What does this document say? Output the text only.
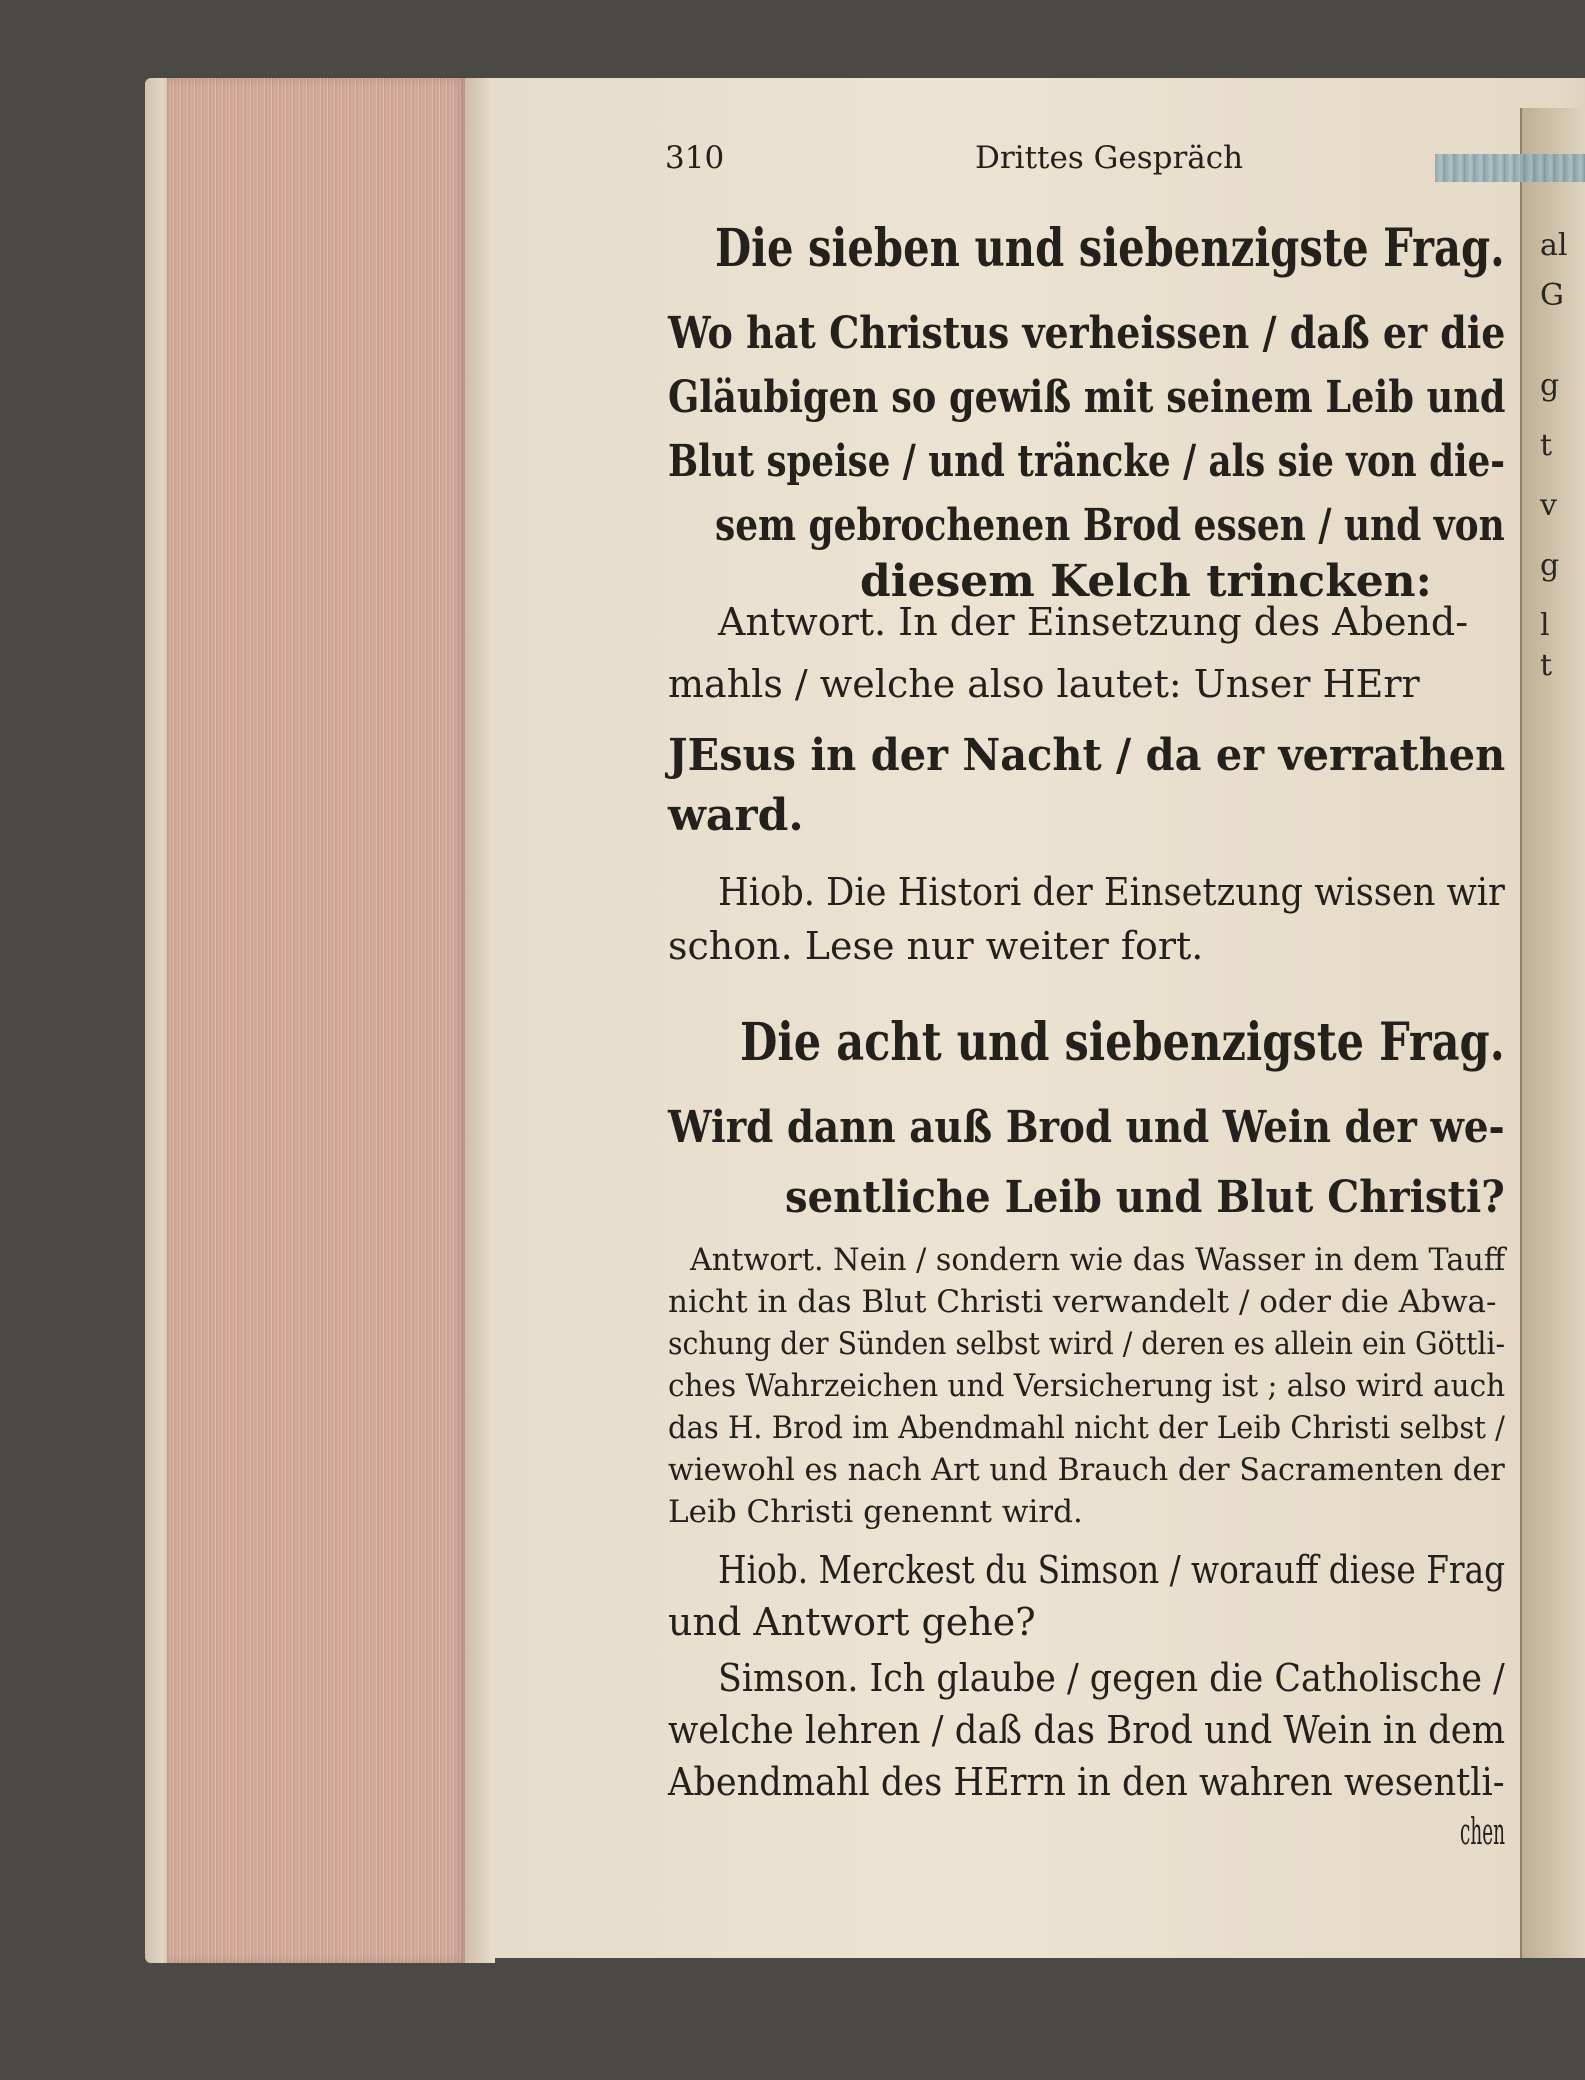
al
G
g
t
v
g
l
t
310	Drittes Gespräch
Die sieben und siebenzigste Frag.
Wo hat Christus verheissen / daß er die
Gläubigen so gewiß mit seinem Leib und
Blut speise / und träncke / als sie von die-
sem gebrochenen Brod essen / und von
diesem Kelch trincken:
Antwort. In der Einsetzung des Abend-
mahls / welche also lautet: Unser HErr
JEsus in der Nacht / da er verrathen
ward.
Hiob. Die Histori der Einsetzung wissen wir
schon. Lese nur weiter fort.
Die acht und siebenzigste Frag.
Wird dann auß Brod und Wein der we-
sentliche Leib und Blut Christi?
Antwort. Nein / sondern wie das Wasser in dem Tauff
nicht in das Blut Christi verwandelt / oder die Abwa-
schung der Sünden selbst wird / deren es allein ein Göttli-
ches Wahrzeichen und Versicherung ist ; also wird auch
das H. Brod im Abendmahl nicht der Leib Christi selbst /
wiewohl es nach Art und Brauch der Sacramenten der
Leib Christi genennt wird.
Hiob. Merckest du Simson / worauff diese Frag
und Antwort gehe?
Simson. Ich glaube / gegen die Catholische /
welche lehren / daß das Brod und Wein in dem
Abendmahl des HErrn in den wahren wesentli-
chen
